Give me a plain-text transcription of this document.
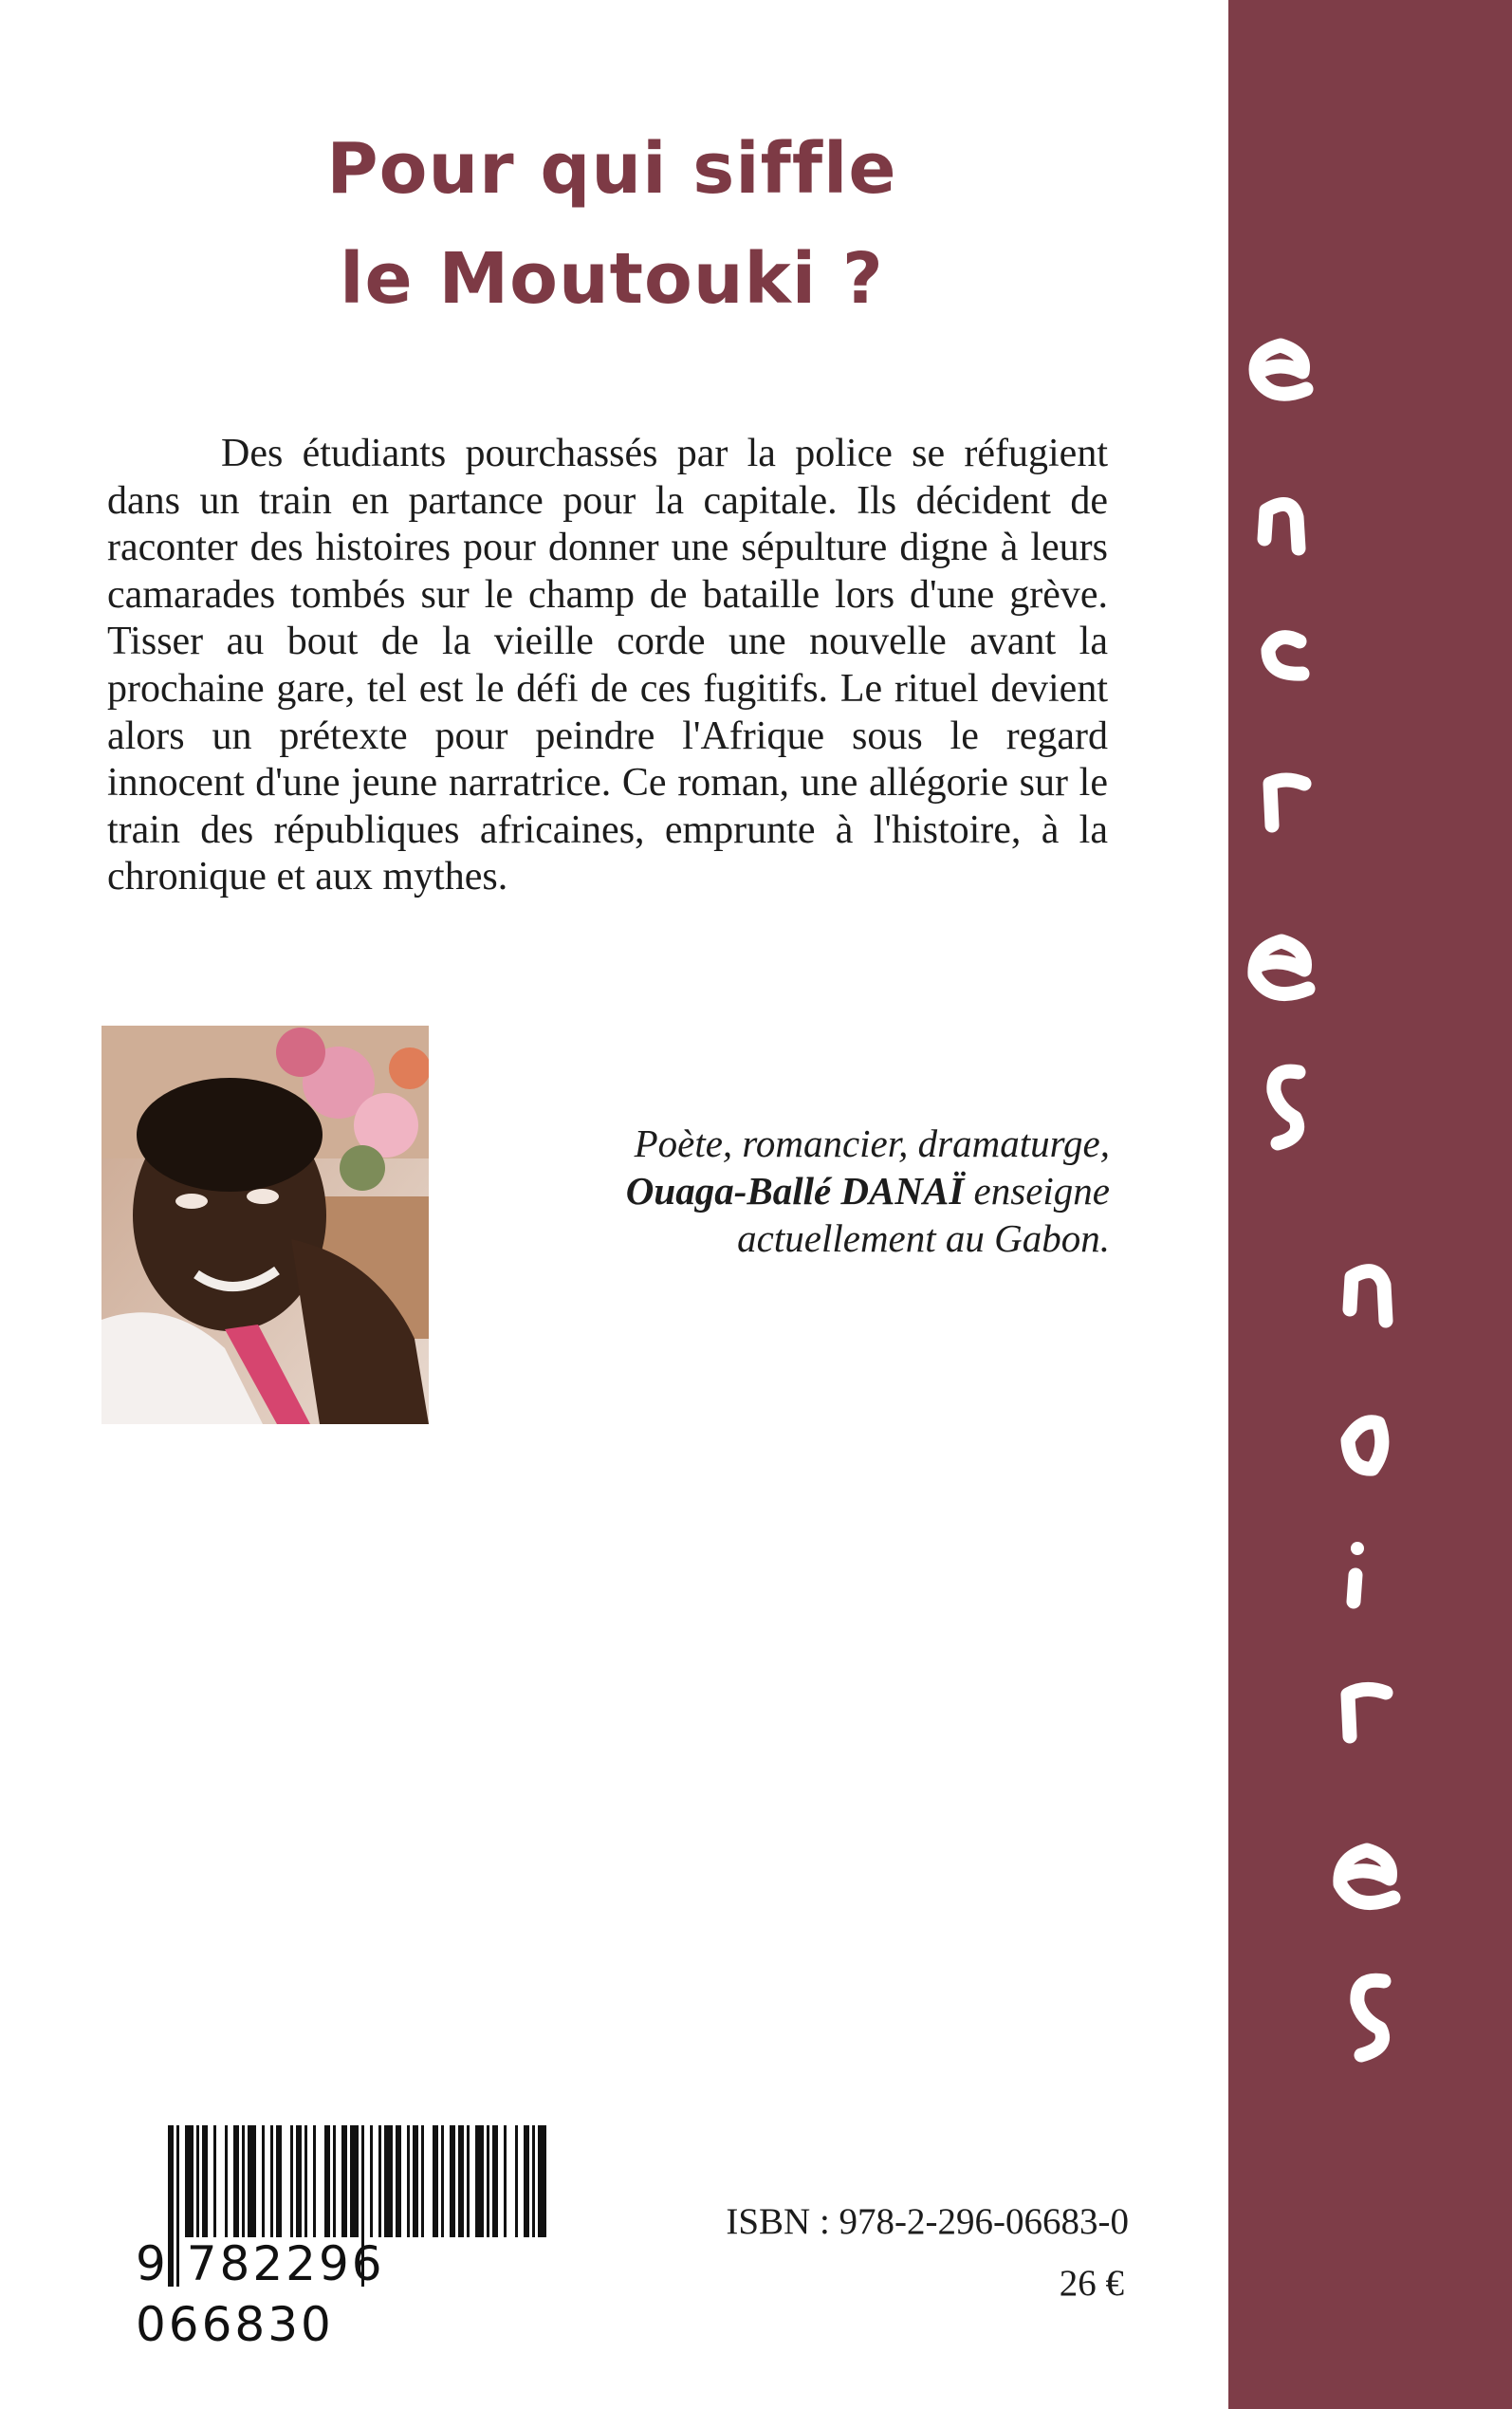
Pour qui siffle
le Moutouki ?

Des étudiants pourchassés par la police se réfugient dans un train en partance pour la capitale. Ils décident de raconter des histoires pour donner une sépulture digne à leurs camarades tombés sur le champ de bataille lors d'une grève. Tisser au bout de la vieille corde une nouvelle avant la prochaine gare, tel est le défi de ces fugitifs. Le rituel devient alors un prétexte pour peindre l'Afrique sous le regard innocent d'une jeune narratrice. Ce roman, une allégorie sur le train des républiques africaines, emprunte à l'histoire, à la chronique et aux mythes.

Poète, romancier, dramaturge,
Ouaga-Ballé DANAÏ enseigne
actuellement au Gabon.

9 782296 066830

ISBN : 978-2-296-06683-0

26 €
